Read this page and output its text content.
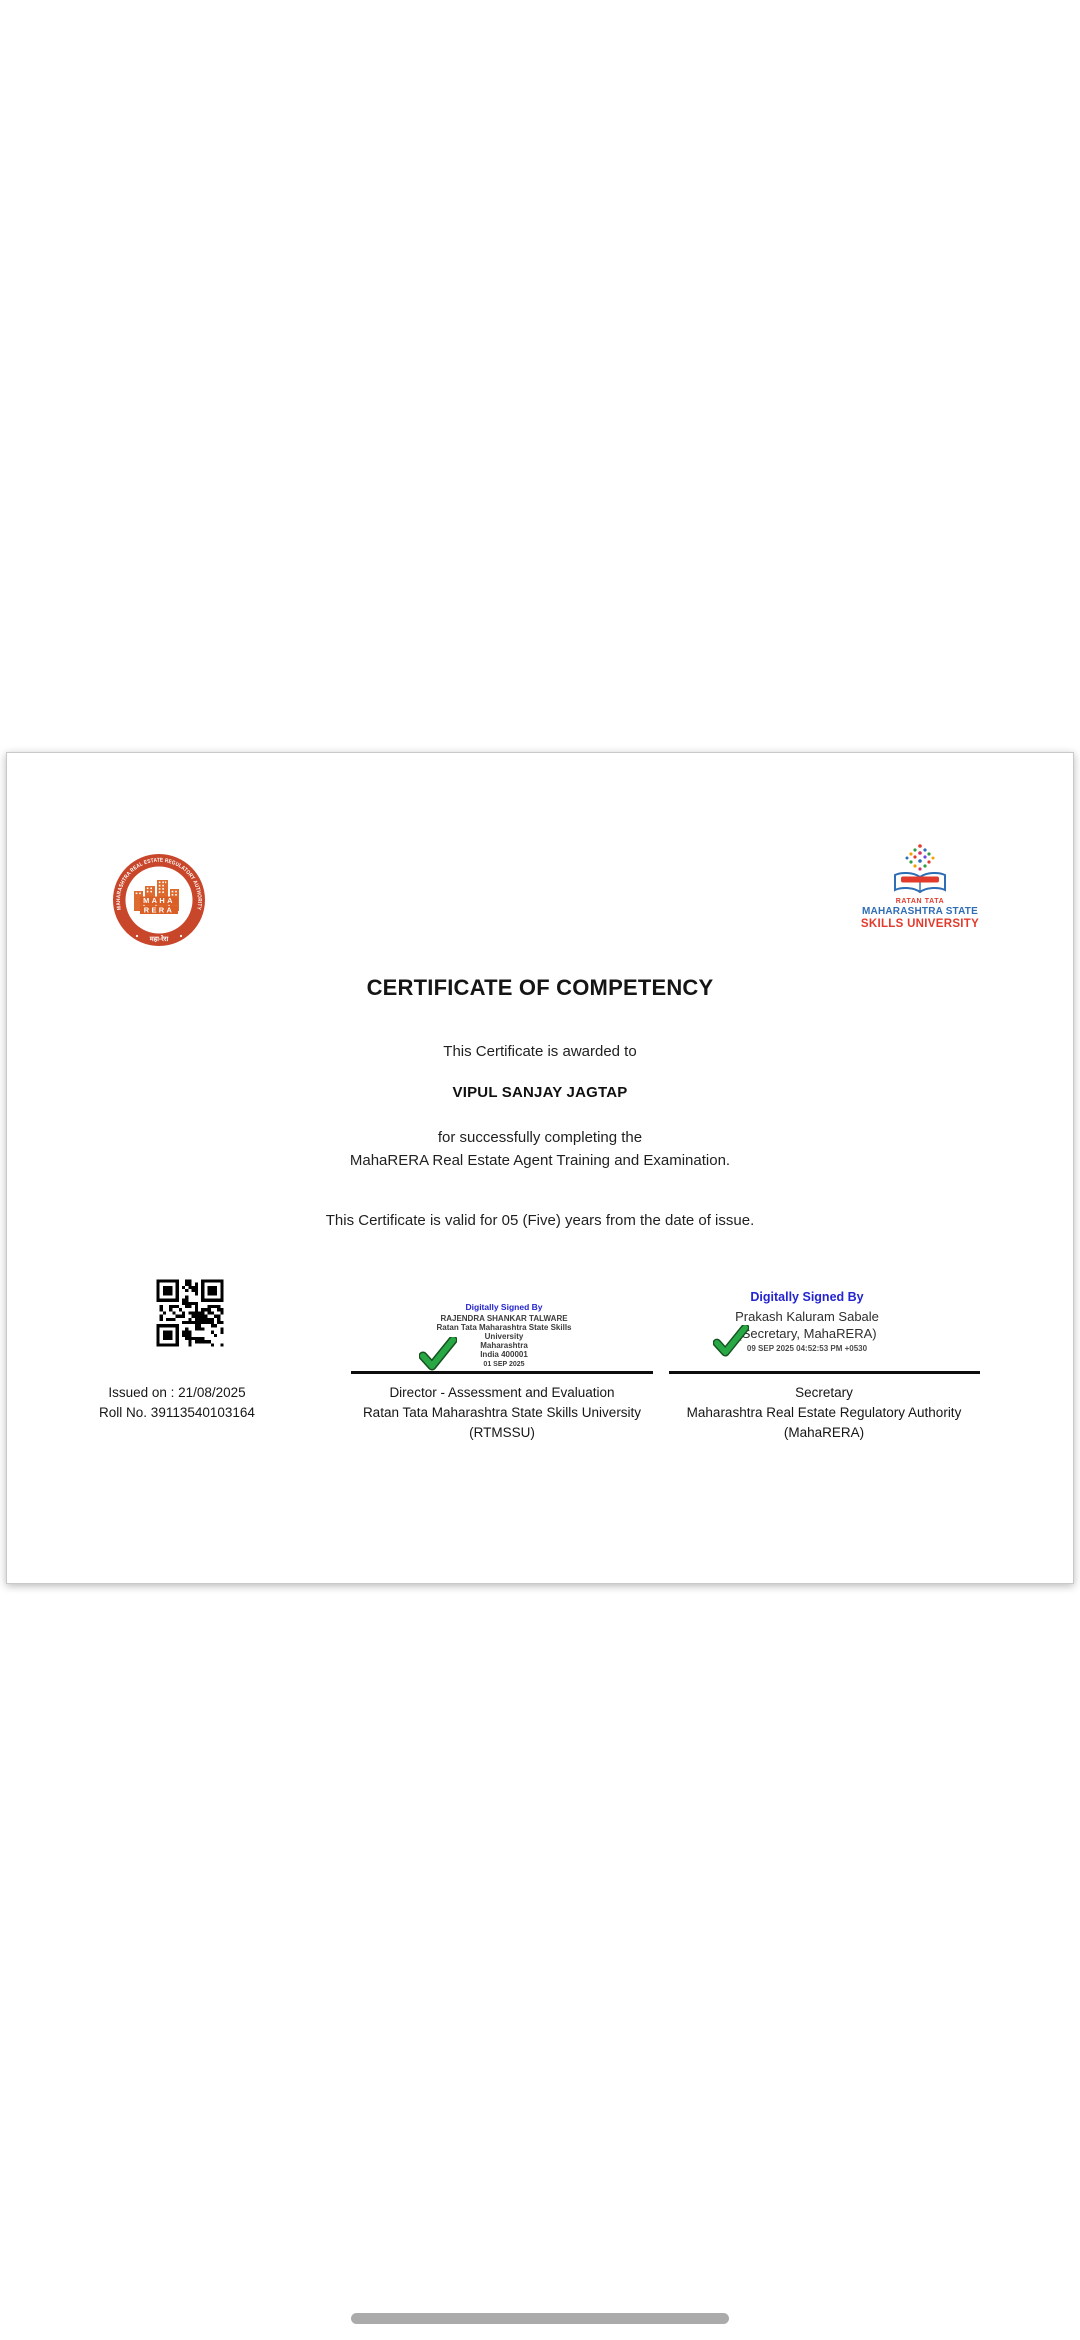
MAHARASHTRA REAL ESTATE REGULATORY AUTHORITY
MAHA
RERA
महा-रेरा
RATAN TATA
MAHARASHTRA STATE
SKILLS UNIVERSITY
CERTIFICATE OF COMPETENCY
This Certificate is awarded to
VIPUL SANJAY JAGTAP
for successfully completing the
MahaRERA Real Estate Agent Training and Examination.
This Certificate is valid for 05 (Five) years from the date of issue.
Issued on : 21/08/2025
Roll No. 39113540103164
Digitally Signed By
RAJENDRA SHANKAR TALWARE
Ratan Tata Maharashtra State Skills
University
Maharashtra
India 400001
01 SEP 2025
Digitally Signed By
Prakash Kaluram Sabale
(Secretary, MahaRERA)
09 SEP 2025 04:52:53 PM +0530
Director - Assessment and Evaluation
Ratan Tata Maharashtra State Skills University
(RTMSSU)
Secretary
Maharashtra Real Estate Regulatory Authority
(MahaRERA)
